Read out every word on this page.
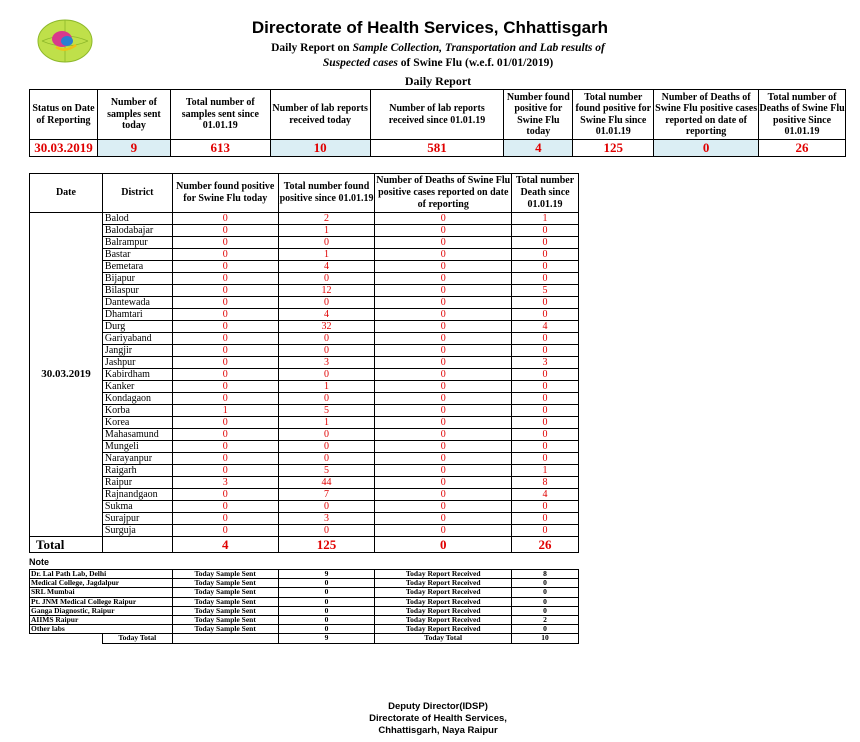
Directorate of Health Services, Chhattisgarh
Daily Report on Sample Collection, Transportation and Lab results of
Suspected cases of Swine Flu (w.e.f. 01/01/2019)
Daily Report
Status on Date of Reporting	Number of samples sent today	Total number of samples sent since 01.01.19	Number of lab reports received today	Number of lab reports received since 01.01.19	Number found positive for Swine Flu today	Total number found positive for Swine Flu since 01.01.19	Number of Deaths of Swine Flu positive cases reported on date of reporting	Total number of Deaths of Swine Flu positive Since 01.01.19
30.03.2019	9	613	10	581	4	125	0	26
Date	District	Number found positive for Swine Flu today	Total number found positive since 01.01.19	Number of Deaths of Swine Flu positive cases reported on date of reporting	Total number Death since 01.01.19
30.03.2019	Balod	0	2	0	1
	Balodabajar	0	1	0	0
	Balrampur	0	0	0	0
	Bastar	0	1	0	0
	Bemetara	0	4	0	0
	Bijapur	0	0	0	0
	Bilaspur	0	12	0	5
	Dantewada	0	0	0	0
	Dhamtari	0	4	0	0
	Durg	0	32	0	4
	Gariyaband	0	0	0	0
	Jangjir	0	0	0	0
	Jashpur	0	3	0	3
	Kabirdham	0	0	0	0
	Kanker	0	1	0	0
	Kondagaon	0	0	0	0
	Korba	1	5	0	0
	Korea	0	1	0	0
	Mahasamund	0	0	0	0
	Mungeli	0	0	0	0
	Narayanpur	0	0	0	0
	Raigarh	0	5	0	1
	Raipur	3	44	0	8
	Rajnandgaon	0	7	0	4
	Sukma	0	0	0	0
	Surajpur	0	3	0	0
	Surguja	0	0	0	0
Total		4	125	0	26
Note
Dr. Lal Path Lab, Delhi		Today Sample Sent	9	Today Report Received	8
Medical College, Jagdalpur		Today Sample Sent	0	Today Report Received	0
SRL Mumbai		Today Sample Sent	0	Today Report Received	0
Pt. JNM Medical College Raipur		Today Sample Sent	0	Today Report Received	0
Ganga Diagnostic, Raipur		Today Sample Sent	0	Today Report Received	0
AIIMS Raipur		Today Sample Sent	0	Today Report Received	2
Other labs		Today Sample Sent	0	Today Report Received	0
	Today Total		9	Today Total	10
Deputy Director(IDSP)
Directorate of Health Services,
Chhattisgarh, Naya Raipur
